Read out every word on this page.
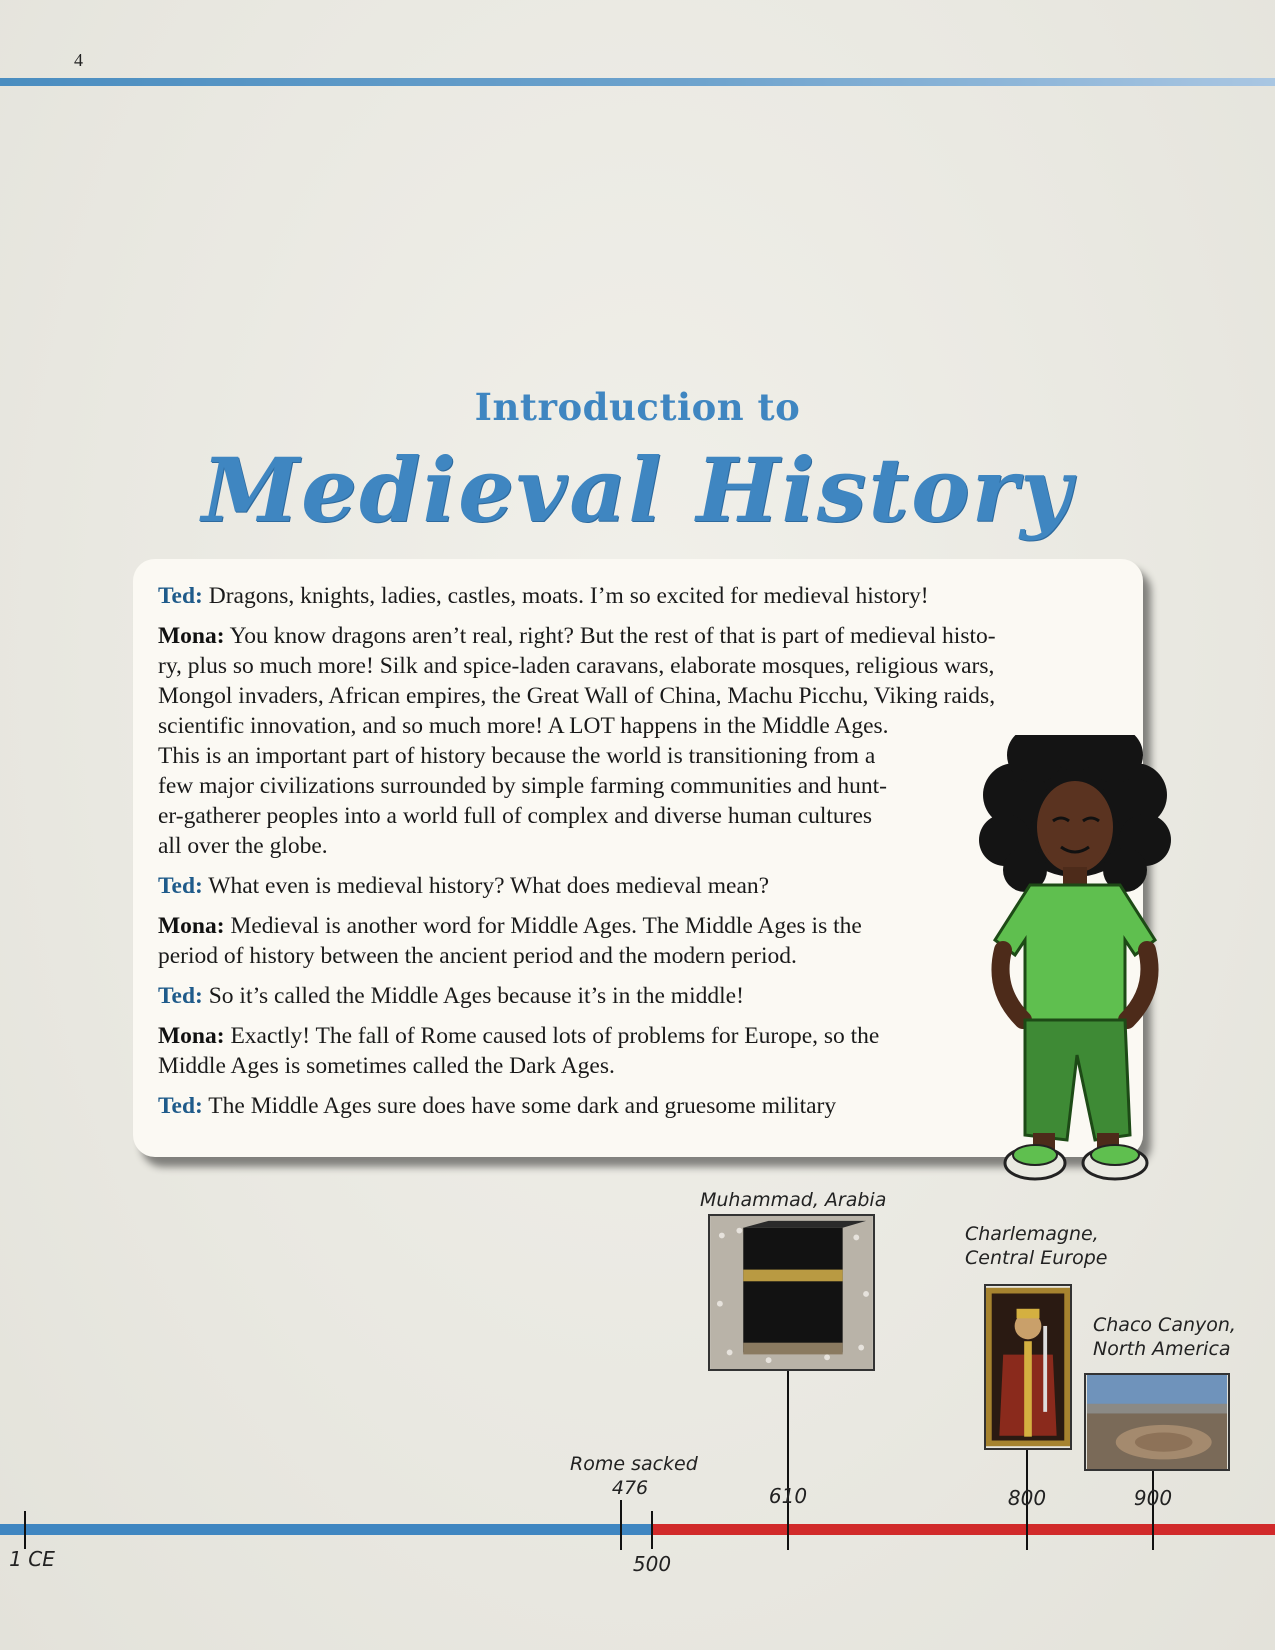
4
Introduction to
Medieval History
Ted: Dragons, knights, ladies, castles, moats. I’m so excited for medieval history!
Mona: You know dragons aren’t real, right? But the rest of that is part of medieval histo-
ry, plus so much more! Silk and spice-laden caravans, elaborate mosques, religious wars,
Mongol invaders, African empires, the Great Wall of China, Machu Picchu, Viking raids,
scientific innovation, and so much more! A LOT happens in the Middle Ages.
This is an important part of history because the world is transitioning from a
few major civilizations surrounded by simple farming communities and hunt-
er-gatherer peoples into a world full of complex and diverse human cultures
all over the globe.
Ted: What even is medieval history? What does medieval mean?
Mona: Medieval is another word for Middle Ages. The Middle Ages is the
period of history between the ancient period and the modern period.
Ted: So it’s called the Middle Ages because it’s in the middle!
Mona: Exactly! The fall of Rome caused lots of problems for Europe, so the
Middle Ages is sometimes called the Dark Ages.
Ted: The Middle Ages sure does have some dark and gruesome military
1 CE	500
610	800	900
Rome sacked
476
Muhammad, Arabia
Charlemagne,
Central Europe
Chaco Canyon,
North America
